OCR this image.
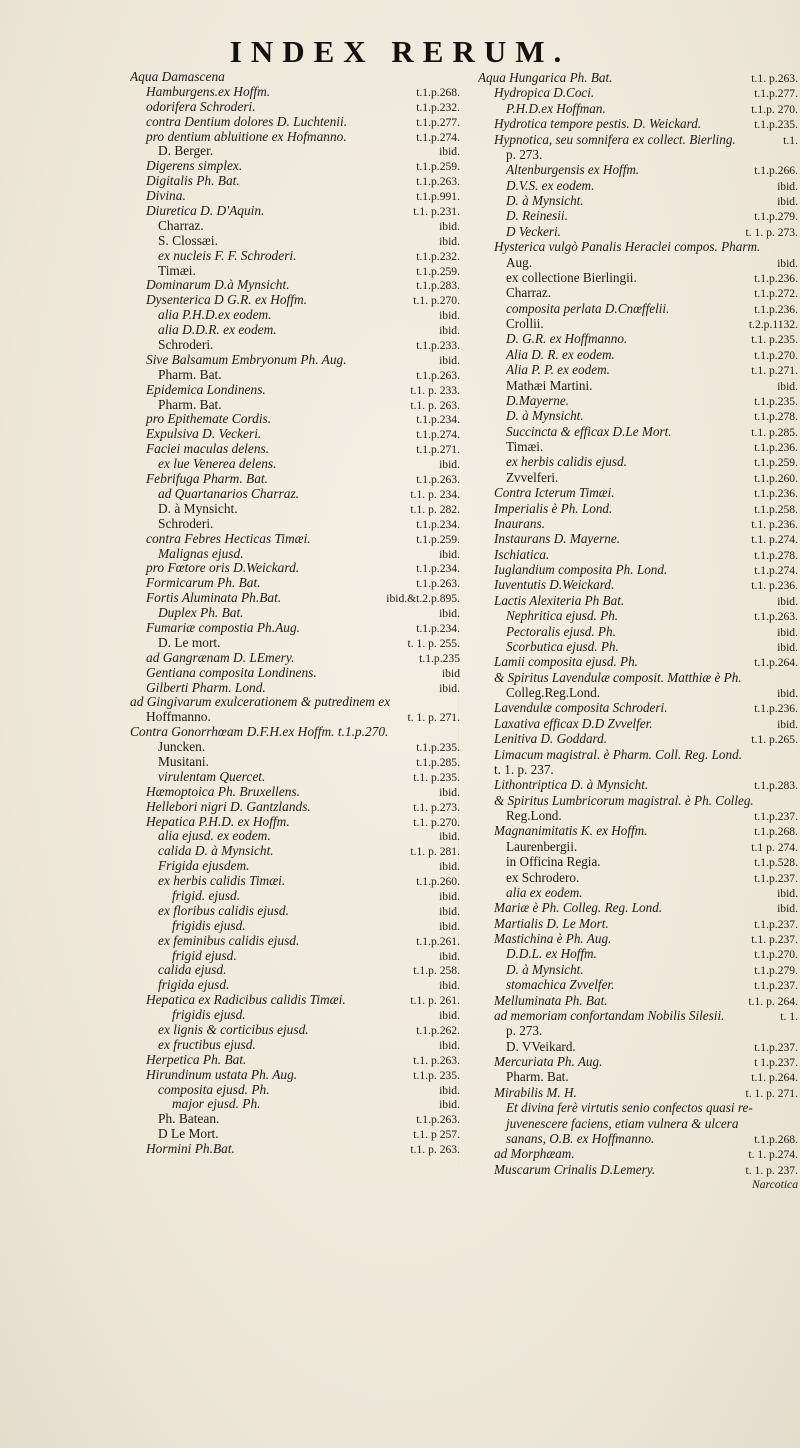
INDEX RERUM.
Aqua Damascena
Hamburgens.ex Hoffm.	t.1.p.268.
odorifera Schroderi.	t.1.p.232.
contra Dentium dolores D. Luchtenii.	t.1.p.277.
pro dentium abluitione ex Hofmanno.	t.1.p.274.
D. Berger.	ibid.
Digerens simplex.	t.1.p.259.
Digitalis Ph. Bat.	t.1.p.263.
Divina.	t.1.p.991.
Diuretica D. D'Aquin.	t.1. p.231.
Charraz.	ibid.
S. Clossæi.	ibid.
ex nucleis F. F. Schroderi.	t.1.p.232.
Timæi.	t.1.p.259.
Dominarum D.à Mynsicht.	t.1.p.283.
Dysenterica D G.R. ex Hoffm.	t.1. p.270.
alia P.H.D.ex eodem.	ibid.
alia D.D.R. ex eodem.	ibid.
Schroderi.	t.1.p.233.
Sive Balsamum Embryonum Ph. Aug.	ibid.
Pharm. Bat.	t.1.p.263.
Epidemica Londinens.	t.1. p. 233.
Pharm. Bat.	t.1. p. 263.
pro Epithemate Cordis.	t.1.p.234.
Expulsiva D. Veckeri.	t.1.p.274.
Faciei maculas delens.	t.1.p.271.
ex lue Venerea delens.	ibid.
Febrifuga Pharm. Bat.	t.1.p.263.
ad Quartanarios Charraz.	t.1. p. 234.
D. à Mynsicht.	t.1. p. 282.
Schroderi.	t.1.p.234.
contra Febres Hecticas Timæi.	t.1.p.259.
Malignas ejusd.	ibid.
pro Fœtore oris D.Weickard.	t.1.p.234.
Formicarum Ph. Bat.	t.1.p.263.
Fortis Aluminata Ph.Bat.	ibid.&t.2.p.895.
Duplex Ph. Bat.	ibid.
Fumariæ compostia Ph.Aug.	t.1.p.234.
D. Le mort.	t. 1. p. 255.
ad Gangrænam D. LEmery.	t.1.p.235
Gentiana composita Londinens.	ibid
Gilberti Pharm. Lond.	ibid.
ad Gingivarum exulcerationem & putredinem ex
Hoffmanno.	t. 1. p. 271.
Contra Gonorrhœam D.F.H.ex Hoffm. t.1.p.270.
Juncken.	t.1.p.235.
Musitani.	t.1.p.285.
virulentam Quercet.	t.1. p.235.
Hæmoptoica Ph. Bruxellens.	ibid.
Hellebori nigri D. Gantzlands.	t.1. p.273.
Hepatica P.H.D. ex Hoffm.	t.1. p.270.
alia ejusd. ex eodem.	ibid.
calida D. à Mynsicht.	t.1. p. 281.
Frigida ejusdem.	ibid.
ex herbis calidis Timæi.	t.1.p.260.
frigid. ejusd.	ibid.
ex floribus calidis ejusd.	ibid.
frigidis ejusd.	ibid.
ex feminibus calidis ejusd.	t.1.p.261.
frigid ejusd.	ibid.
calida ejusd.	t.1.p. 258.
frigida ejusd.	ibid.
Hepatica ex Radicibus calidis Timæi.	t.1. p. 261.
frigidis ejusd.	ibid.
ex lignis & corticibus ejusd.	t.1.p.262.
ex fructibus ejusd.	ibid.
Herpetica Ph. Bat.	t.1. p.263.
Hirundinum ustata Ph. Aug.	t.1.p. 235.
composita ejusd. Ph.	ibid.
major ejusd. Ph.	ibid.
Ph. Batean.	t.1.p.263.
D Le Mort.	t.1. p 257.
Hormini Ph.Bat.	t.1. p. 263.
Aqua Hungarica Ph. Bat.	t.1. p.263.
Hydropica D.Coci.	t.1.p.277.
P.H.D.ex Hoffman.	t.1.p. 270.
Hydrotica tempore pestis. D. Weickard.	t.1.p.235.
Hypnotica, seu somnifera ex collect. Bierling.	t.1.
p. 273.
Altenburgensis ex Hoffm.	t.1.p.266.
D.V.S. ex eodem.	ibid.
D. à Mynsicht.	ibid.
D. Reinesii.	t.1.p.279.
D Veckeri.	t. 1. p. 273.
Hysterica vulgò Panalis Heraclei compos. Pharm.
Aug.	ibid.
ex collectione Bierlingii.	t.1.p.236.
Charraz.	t.1.p.272.
composita perlata D.Cnœffelii.	t.1.p.236.
Crollii.	t.2.p.1132.
D. G.R. ex Hoffmanno.	t.1. p.235.
Alia D. R. ex eodem.	t.1.p.270.
Alia P. P. ex eodem.	t.1. p.271.
Mathæi Martini.	ibid.
D.Mayerne.	t.1.p.235.
D. à Mynsicht.	t.1.p.278.
Succincta & efficax D.Le Mort.	t.1. p.285.
Timæi.	t.1.p.236.
ex herbis calidis ejusd.	t.1.p.259.
Zvvelferi.	t.1.p.260.
Contra Icterum Timæi.	t.1.p.236.
Imperialis è Ph. Lond.	t.1.p.258.
Inaurans.	t.1. p.236.
Instaurans D. Mayerne.	t.1. p.274.
Ischiatica.	t.1.p.278.
Iuglandium composita Ph. Lond.	t.1.p.274.
Iuventutis D.Weickard.	t.1. p.236.
Lactis Alexiteria Ph Bat.	ibid.
Nephritica ejusd. Ph.	t.1.p.263.
Pectoralis ejusd. Ph.	ibid.
Scorbutica ejusd. Ph.	ibid.
Lamii composita ejusd. Ph.	t.1.p.264.
& Spiritus Lavendulæ composit. Matthiæ è Ph.
Colleg.Reg.Lond.	ibid.
Lavendulæ composita Schroderi.	t.1.p.236.
Laxativa efficax D.D Zvvelfer.	ibid.
Lenitiva D. Goddard.	t.1. p.265.
Limacum magistral. è Pharm. Coll. Reg. Lond.
t. 1. p. 237.
Lithontriptica D. à Mynsicht.	t.1.p.283.
& Spiritus Lumbricorum magistral. è Ph. Colleg.
Reg.Lond.	t.1.p.237.
Magnanimitatis K. ex Hoffm.	t.1.p.268.
Laurenbergii.	t.1 p. 274.
in Officina Regia.	t.1.p.528.
ex Schrodero.	t.1.p.237.
alia ex eodem.	ibid.
Mariæ è Ph. Colleg. Reg. Lond.	ibid.
Martialis D. Le Mort.	t.1.p.237.
Mastichina è Ph. Aug.	t.1. p.237.
D.D.L. ex Hoffm.	t.1.p.270.
D. à Mynsicht.	t.1.p.279.
stomachica Zvvelfer.	t.1.p.237.
Melluminata Ph. Bat.	t.1. p. 264.
ad memoriam confortandam Nobilis Silesii.	t. 1.
p. 273.
D. VVeikard.	t.1.p.237.
Mercuriata Ph. Aug.	t 1.p.237.
Pharm. Bat.	t.1. p.264.
Mirabilis M. H.	t. 1. p. 271.
Et divina ferè virtutis senio confectos quasi re-
juvenescere faciens, etiam vulnera & ulcera
sanans, O.B. ex Hoffmanno.	t.1.p.268.
ad Morphæam.	t. 1. p.274.
Muscarum Crinalis D.Lemery.	t. 1. p. 237.
Narcotica
